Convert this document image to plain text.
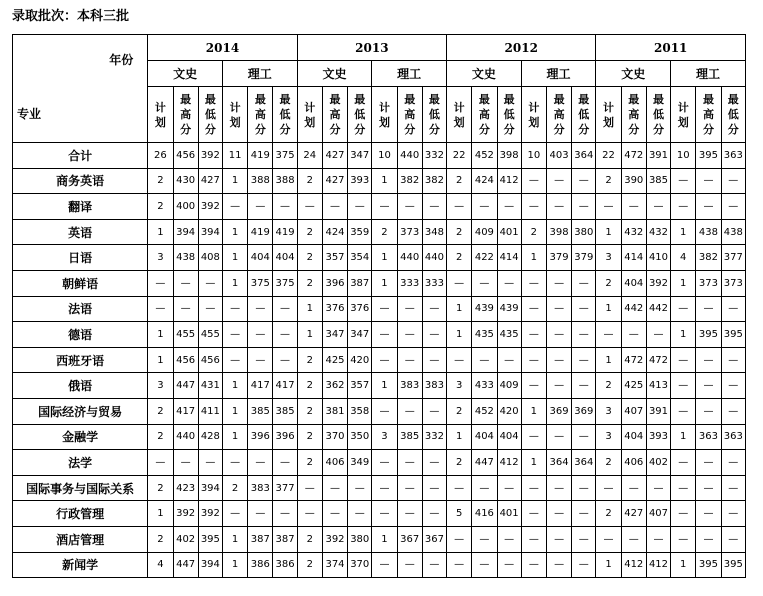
录取批次：本科三批
年份
专业	2014						2013						2012						2011					
	文史			理工			文史			理工			文史			理工			文史			理工		
	计划	最高分	最低分	计划	最高分	最低分	计划	最高分	最低分	计划	最高分	最低分	计划	最高分	最低分	计划	最高分	最低分	计划	最高分	最低分	计划	最高分	最低分
合计	26	456	392	11	419	375	24	427	347	10	440	332	22	452	398	10	403	364	22	472	391	10	395	363
商务英语	2	430	427	1	388	388	2	427	393	1	382	382	2	424	412	—	—	—	2	390	385	—	—	—
翻译	2	400	392	—	—	—	—	—	—	—	—	—	—	—	—	—	—	—	—	—	—	—	—	—
英语	1	394	394	1	419	419	2	424	359	2	373	348	2	409	401	2	398	380	1	432	432	1	438	438
日语	3	438	408	1	404	404	2	357	354	1	440	440	2	422	414	1	379	379	3	414	410	4	382	377
朝鲜语	—	—	—	1	375	375	2	396	387	1	333	333	—	—	—	—	—	—	2	404	392	1	373	373
法语	—	—	—	—	—	—	1	376	376	—	—	—	1	439	439	—	—	—	1	442	442	—	—	—
德语	1	455	455	—	—	—	1	347	347	—	—	—	1	435	435	—	—	—	—	—	—	1	395	395
西班牙语	1	456	456	—	—	—	2	425	420	—	—	—	—	—	—	—	—	—	1	472	472	—	—	—
俄语	3	447	431	1	417	417	2	362	357	1	383	383	3	433	409	—	—	—	2	425	413	—	—	—
国际经济与贸易	2	417	411	1	385	385	2	381	358	—	—	—	2	452	420	1	369	369	3	407	391	—	—	—
金融学	2	440	428	1	396	396	2	370	350	3	385	332	1	404	404	—	—	—	3	404	393	1	363	363
法学	—	—	—	—	—	—	2	406	349	—	—	—	2	447	412	1	364	364	2	406	402	—	—	—
国际事务与国际关系	2	423	394	2	383	377	—	—	—	—	—	—	—	—	—	—	—	—	—	—	—	—	—	—
行政管理	1	392	392	—	—	—	—	—	—	—	—	—	5	416	401	—	—	—	2	427	407	—	—	—
酒店管理	2	402	395	1	387	387	2	392	380	1	367	367	—	—	—	—	—	—	—	—	—	—	—	—
新闻学	4	447	394	1	386	386	2	374	370	—	—	—	—	—	—	—	—	—	1	412	412	1	395	395
